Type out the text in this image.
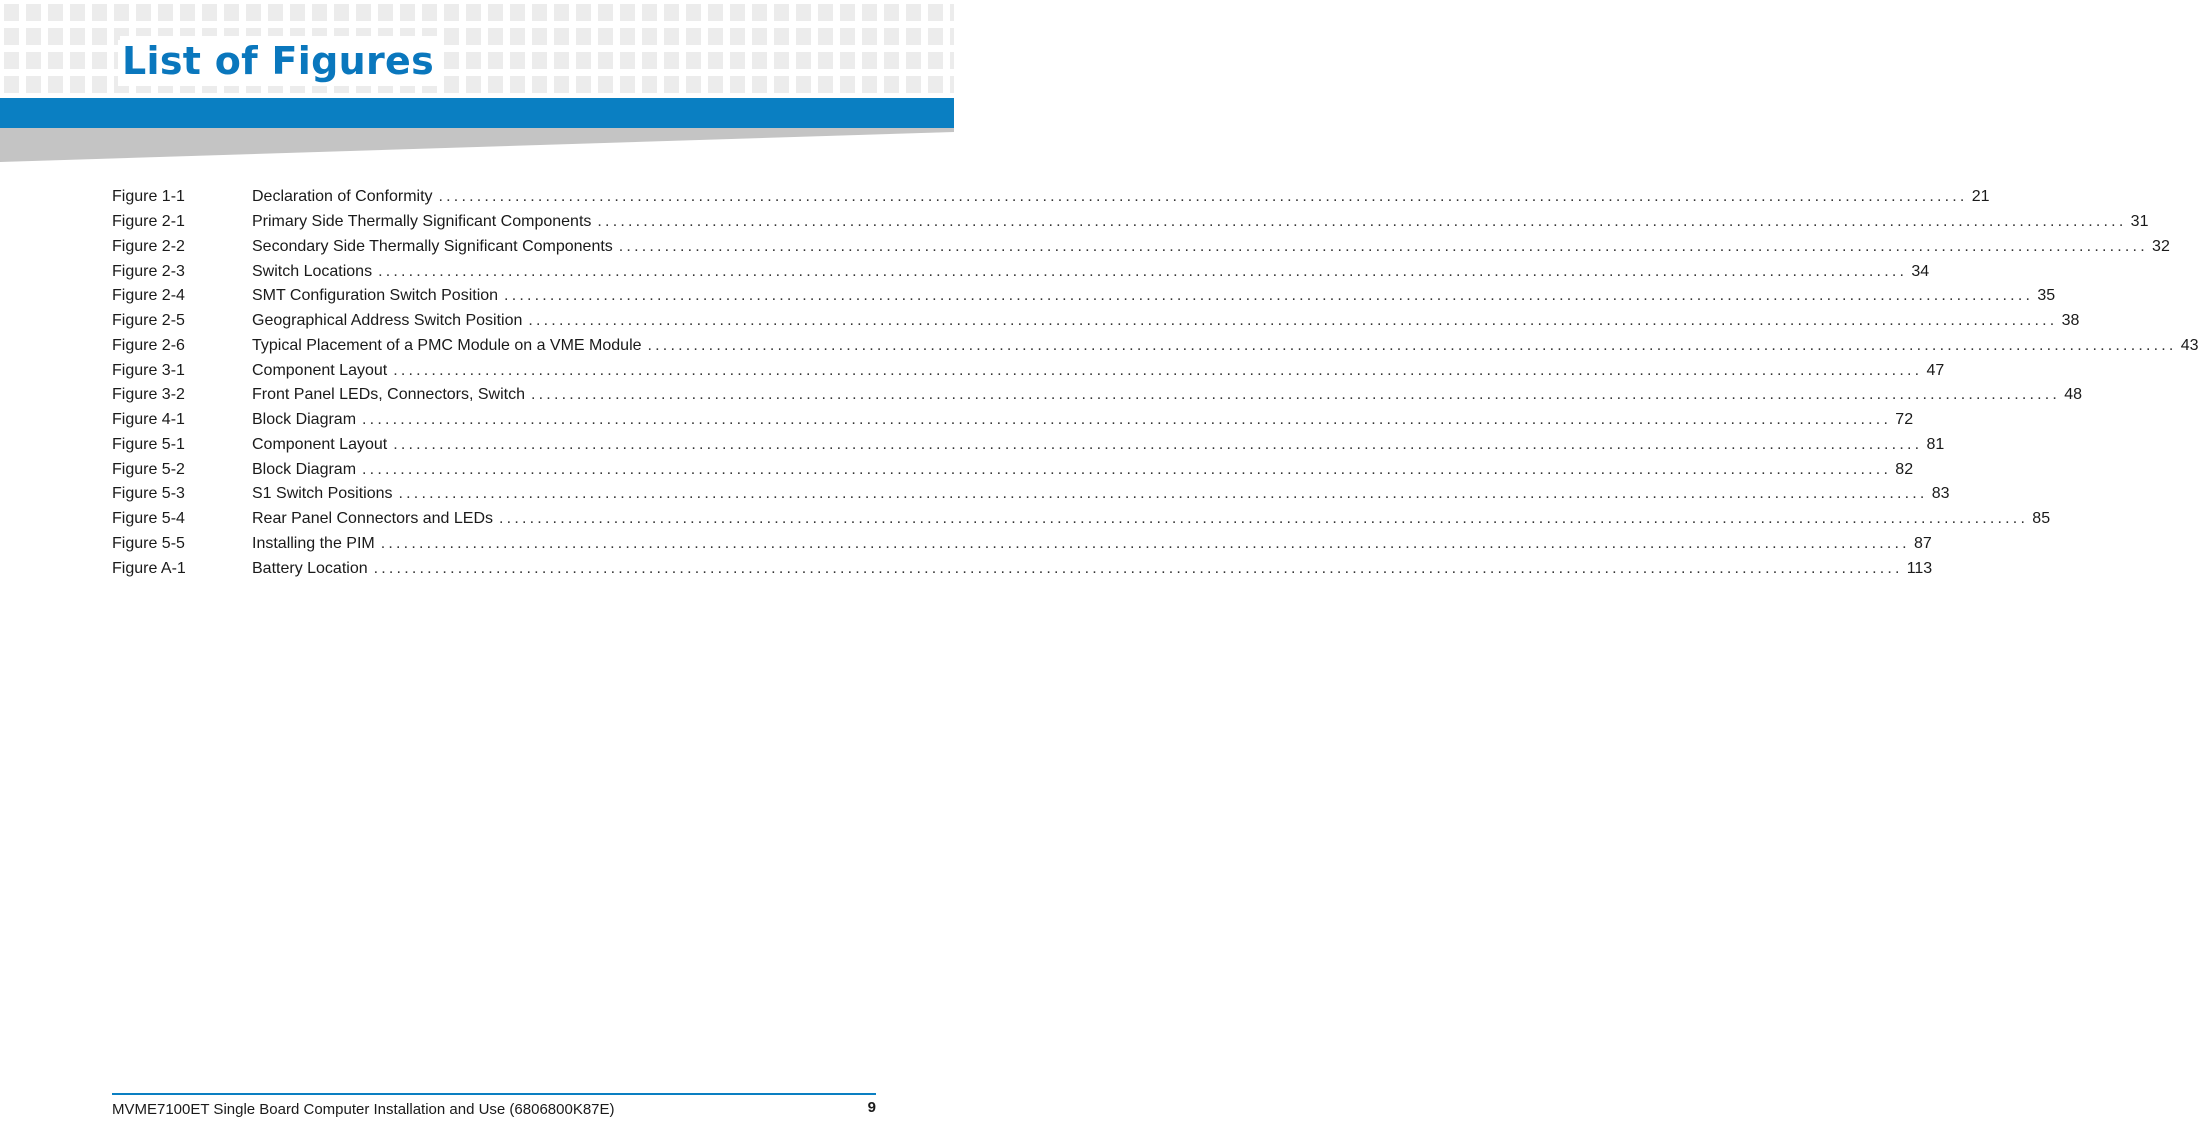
List of Figures
Figure 1-1	Declaration of Conformity ........................................................................................................................................................................................................ 21
Figure 2-1	Primary Side Thermally Significant Components ........................................................................................................................................................................................................ 31
Figure 2-2	Secondary Side Thermally Significant Components ........................................................................................................................................................................................................ 32
Figure 2-3	Switch Locations ........................................................................................................................................................................................................ 34
Figure 2-4	SMT Configuration Switch Position ........................................................................................................................................................................................................ 35
Figure 2-5	Geographical Address Switch Position ........................................................................................................................................................................................................ 38
Figure 2-6	Typical Placement of a PMC Module on a VME Module ........................................................................................................................................................................................................ 43
Figure 3-1	Component Layout ........................................................................................................................................................................................................ 47
Figure 3-2	Front Panel LEDs, Connectors, Switch ........................................................................................................................................................................................................ 48
Figure 4-1	Block Diagram ........................................................................................................................................................................................................ 72
Figure 5-1	Component Layout ........................................................................................................................................................................................................ 81
Figure 5-2	Block Diagram ........................................................................................................................................................................................................ 82
Figure 5-3	S1 Switch Positions ........................................................................................................................................................................................................ 83
Figure 5-4	Rear Panel Connectors and LEDs ........................................................................................................................................................................................................ 85
Figure 5-5	Installing the PIM ........................................................................................................................................................................................................ 87
Figure A-1	Battery Location ........................................................................................................................................................................................................ 113
MVME7100ET Single Board Computer Installation and Use (6806800K87E)	9
